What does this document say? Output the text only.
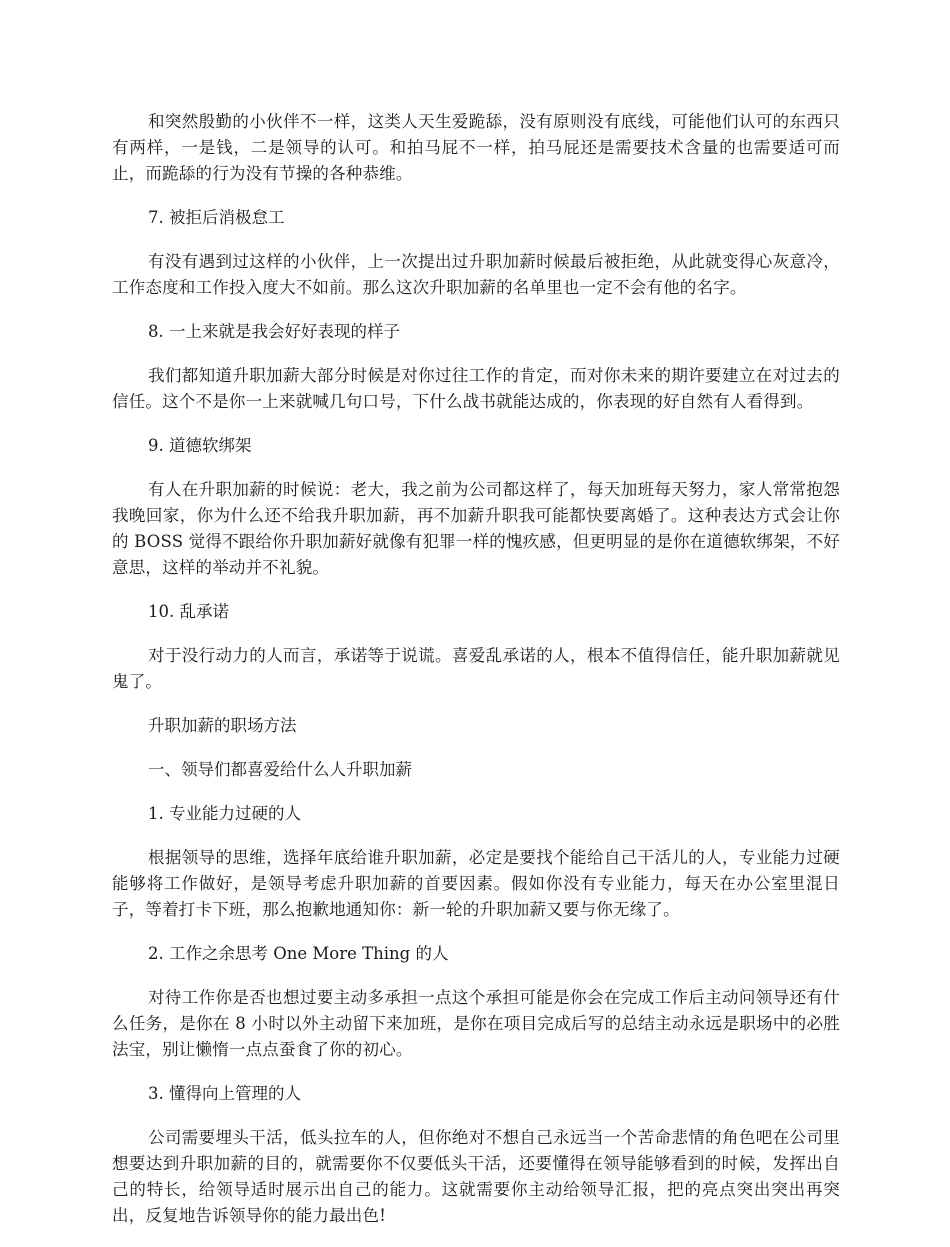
和突然殷勤的小伙伴不一样，这类人天生爱跪舔，没有原则没有底线，可能他们认可的东西只有两样，一是钱，二是领导的认可。和拍马屁不一样，拍马屁还是需要技术含量的也需要适可而止，而跪舔的行为没有节操的各种恭维。

7. 被拒后消极怠工

有没有遇到过这样的小伙伴，上一次提出过升职加薪时候最后被拒绝，从此就变得心灰意冷，工作态度和工作投入度大不如前。那么这次升职加薪的名单里也一定不会有他的名字。

8. 一上来就是我会好好表现的样子

我们都知道升职加薪大部分时候是对你过往工作的肯定，而对你未来的期许要建立在对过去的信任。这个不是你一上来就喊几句口号，下什么战书就能达成的，你表现的好自然有人看得到。

9. 道德软绑架

有人在升职加薪的时候说：老大，我之前为公司都这样了，每天加班每天努力，家人常常抱怨我晚回家，你为什么还不给我升职加薪，再不加薪升职我可能都快要离婚了。这种表达方式会让你的 BOSS 觉得不跟给你升职加薪好就像有犯罪一样的愧疚感，但更明显的是你在道德软绑架，不好意思，这样的举动并不礼貌。

10. 乱承诺

对于没行动力的人而言，承诺等于说谎。喜爱乱承诺的人，根本不值得信任，能升职加薪就见鬼了。

升职加薪的职场方法

一、领导们都喜爱给什么人升职加薪

1. 专业能力过硬的人

根据领导的思维，选择年底给谁升职加薪，必定是要找个能给自己干活儿的人，专业能力过硬能够将工作做好，是领导考虑升职加薪的首要因素。假如你没有专业能力，每天在办公室里混日子，等着打卡下班，那么抱歉地通知你：新一轮的升职加薪又要与你无缘了。

2. 工作之余思考 One More Thing 的人

对待工作你是否也想过要主动多承担一点这个承担可能是你会在完成工作后主动问领导还有什么任务，是你在 8 小时以外主动留下来加班，是你在项目完成后写的总结主动永远是职场中的必胜法宝，别让懒惰一点点蚕食了你的初心。

3. 懂得向上管理的人

公司需要埋头干活，低头拉车的人，但你绝对不想自己永远当一个苦命悲情的角色吧在公司里想要达到升职加薪的目的，就需要你不仅要低头干活，还要懂得在领导能够看到的时候，发挥出自己的特长，给领导适时展示出自己的能力。这就需要你主动给领导汇报，把的亮点突出突出再突出，反复地告诉领导你的能力最出色!
